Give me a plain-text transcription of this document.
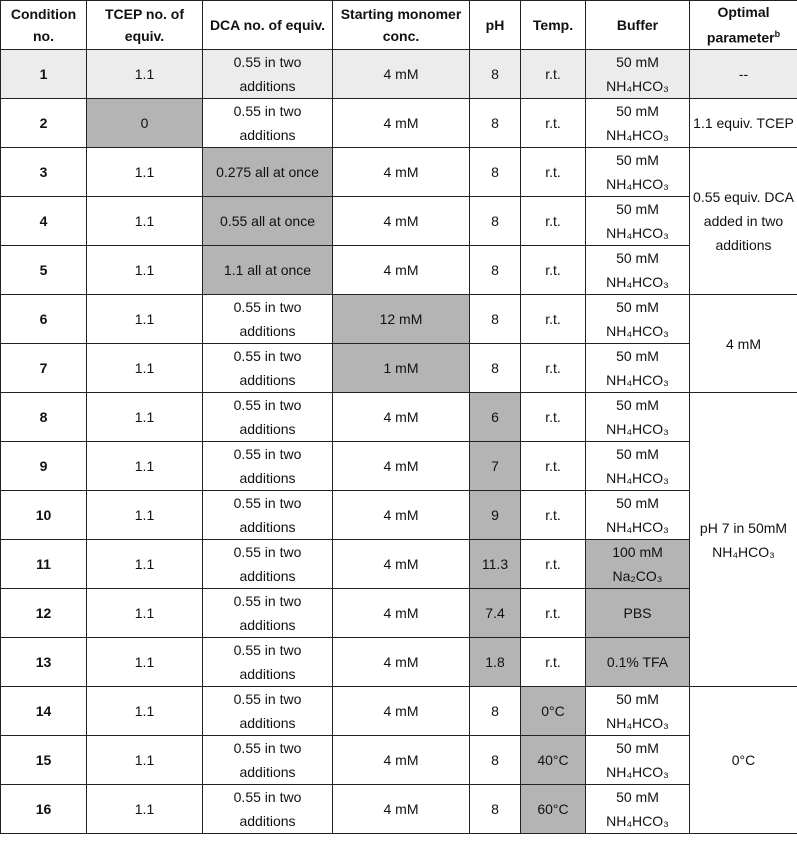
Condition no.	TCEP no. of equiv.	DCA no. of equiv.	Starting monomer conc.	pH	Temp.	Buffer	Optimal parameter$^b$
1	1.1	0.55 in two additions	4 mM	8	r.t.	50 mM NH₄HCO₃	--
2	0	0.55 in two additions	4 mM	8	r.t.	50 mM NH₄HCO₃	1.1 equiv. TCEP
3	1.1	0.275 all at once	4 mM	8	r.t.	50 mM NH₄HCO₃	0.55 equiv. DCA added in two additions
4	1.1	0.55 all at once	4 mM	8	r.t.	50 mM NH₄HCO₃	
5	1.1	1.1 all at once	4 mM	8	r.t.	50 mM NH₄HCO₃	
6	1.1	0.55 in two additions	12 mM	8	r.t.	50 mM NH₄HCO₃	4 mM
7	1.1	0.55 in two additions	1 mM	8	r.t.	50 mM NH₄HCO₃	
8	1.1	0.55 in two additions	4 mM	6	r.t.	50 mM NH₄HCO₃	pH 7 in 50mM NH₄HCO₃
9	1.1	0.55 in two additions	4 mM	7	r.t.	50 mM NH₄HCO₃	
10	1.1	0.55 in two additions	4 mM	9	r.t.	50 mM NH₄HCO₃	
11	1.1	0.55 in two additions	4 mM	11.3	r.t.	100 mM Na₂CO₃	
12	1.1	0.55 in two additions	4 mM	7.4	r.t.	PBS	
13	1.1	0.55 in two additions	4 mM	1.8	r.t.	0.1% TFA	
14	1.1	0.55 in two additions	4 mM	8	0°C	50 mM NH₄HCO₃	0°C
15	1.1	0.55 in two additions	4 mM	8	40°C	50 mM NH₄HCO₃	
16	1.1	0.55 in two additions	4 mM	8	60°C	50 mM NH₄HCO₃	
